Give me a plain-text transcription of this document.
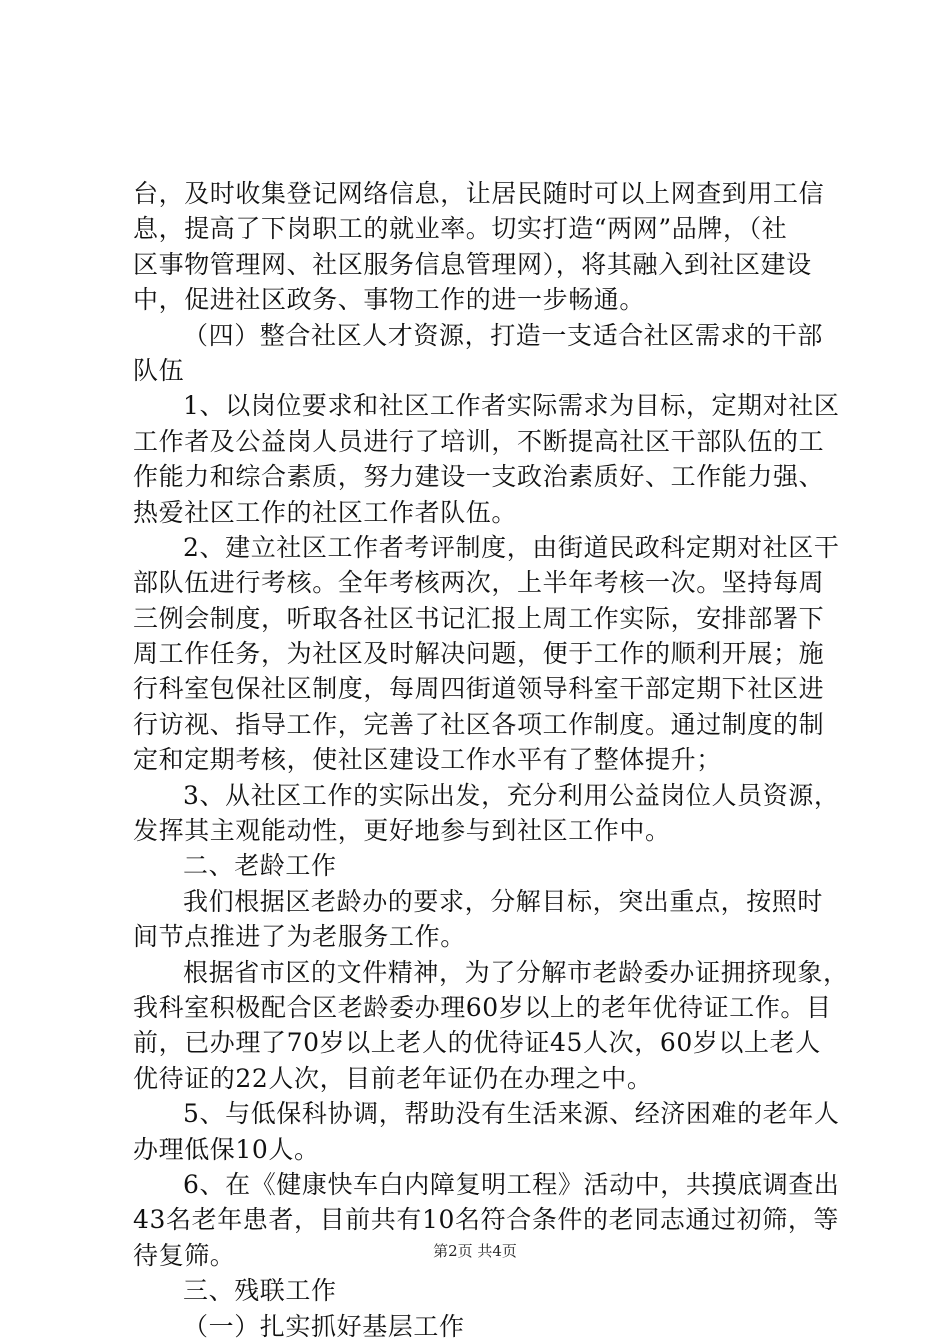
台，及时收集登记网络信息，让居民随时可以上网查到用工信
息，提高了下岗职工的就业率。切实打造“两网”品牌，（社
区事物管理网、社区服务信息管理网），将其融入到社区建设
中，促进社区政务、事物工作的进一步畅通。
（四）整合社区人才资源，打造一支适合社区需求的干部
队伍
1、以岗位要求和社区工作者实际需求为目标，定期对社区
工作者及公益岗人员进行了培训，不断提高社区干部队伍的工
作能力和综合素质，努力建设一支政治素质好、工作能力强、
热爱社区工作的社区工作者队伍。
2、建立社区工作者考评制度，由街道民政科定期对社区干
部队伍进行考核。全年考核两次，上半年考核一次。坚持每周
三例会制度，听取各社区书记汇报上周工作实际，安排部署下
周工作任务，为社区及时解决问题，便于工作的顺利开展；施
行科室包保社区制度，每周四街道领导科室干部定期下社区进
行访视、指导工作，完善了社区各项工作制度。通过制度的制
定和定期考核，使社区建设工作水平有了整体提升；
3、从社区工作的实际出发，充分利用公益岗位人员资源，
发挥其主观能动性，更好地参与到社区工作中。
二、老龄工作
我们根据区老龄办的要求，分解目标，突出重点，按照时
间节点推进了为老服务工作。
根据省市区的文件精神，为了分解市老龄委办证拥挤现象，
我科室积极配合区老龄委办理60岁以上的老年优待证工作。目
前，已办理了70岁以上老人的优待证45人次，60岁以上老人
优待证的22人次，目前老年证仍在办理之中。
5、与低保科协调，帮助没有生活来源、经济困难的老年人
办理低保10人。
6、在《健康快车白内障复明工程》活动中，共摸底调查出
43名老年患者，目前共有10名符合条件的老同志通过初筛，等
待复筛。
三、残联工作
（一）扎实抓好基层工作
第2页 共4页
